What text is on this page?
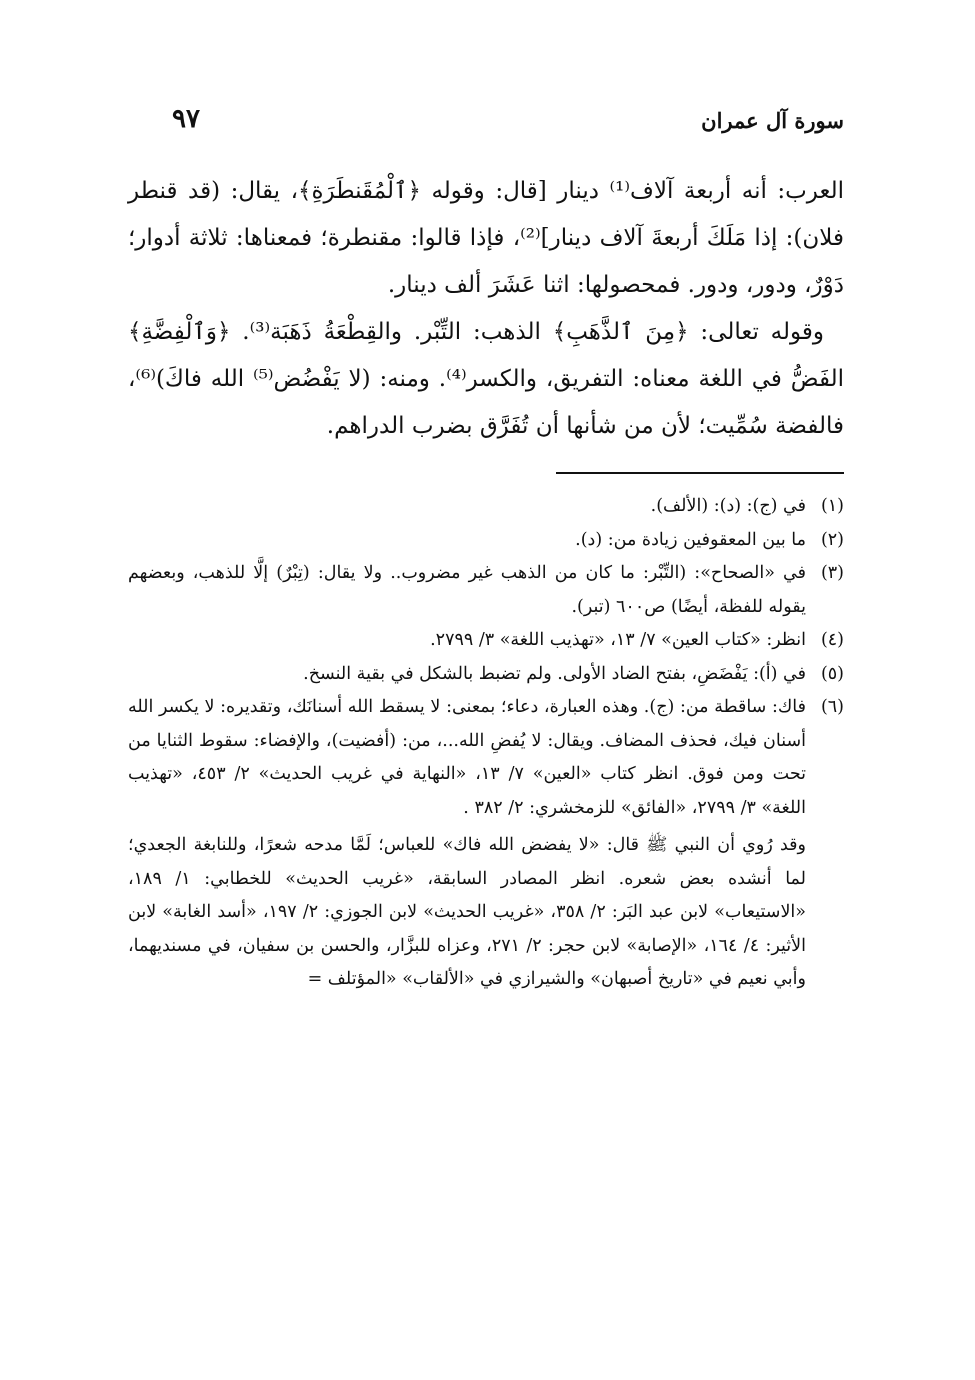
سورة آل عمران
٩٧

العرب: أنه أربعة آلاف⁽¹⁾ دينار [قال: وقوله ﴿ٱلْمُقَنطَرَةِ﴾، يقال: (قد قنطر فلان): إذا مَلَكَ أربعةَ آلاف دينار]⁽²⁾، فإذا قالوا: مقنطرة؛ فمعناها: ثلاثة أدوار؛ دَوْرٌ، ودور، ودور. فمحصولها: اثنا عَشَرَ ألف دينار.

وقوله تعالى: ﴿مِنَ ٱلذَّهَبِ﴾ الذهب: التِّبْر. والقِطْعَةُ ذَهَبَة⁽³⁾. ﴿وَٱلْفِضَّةِ﴾ الفَضُّ في اللغة معناه: التفريق، والكسر⁽⁴⁾. ومنه: (لا يَفْضُض⁽⁵⁾ الله فاكَ)⁽⁶⁾، فالفضة سُمِّيت؛ لأن من شأنها أن تُفَرَّق بضرب الدراهم.

(١)
في (ج): (د): (الألف).
(٢)
ما بين المعقوفين زيادة من: (د).
(٣)
في «الصحاح»: (التِّبْر: ما كان من الذهب غير مضروب.. ولا يقال: (تِبْرٌ) إلَّا للذهب، وبعضهم يقوله للفظة، أيضًا) ص٦٠٠ (تبر).
(٤)
انظر: «كتاب العين» ٧/ ١٣، «تهذيب اللغة» ٣/ ٢٧٩٩.
(٥)
في (أ): يَفْضَضِ، بفتح الضاد الأولى. ولم تضبط بالشكل في بقية النسخ.
(٦)
فاك: ساقطة من: (ج). وهذه العبارة، دعاء؛ بمعنى: لا يسقط الله أسنانَك، وتقديره: لا يكسر الله أسنان فيك، فحذف المضاف. ويقال: لا يُفضِ الله...، من: (أفضيت)، والإفضاء: سقوط الثنايا من تحت ومن فوق. انظر كتاب «العين» ٧/ ١٣، «النهاية في غريب الحديث» ٢/ ٤٥٣، «تهذيب اللغة» ٣/ ٢٧٩٩، «الفائق» للزمخشري: ٢/ ٣٨٢ .
وقد رُوي أن النبي ﷺ قال: «لا يفضض الله فاك» للعباس؛ لَمَّا مدحه شعرًا، وللنابغة الجعدي؛ لما أنشده بعض شعره. انظر المصادر السابقة، «غريب الحديث» للخطابي: ١/ ١٨٩، «الاستيعاب» لابن عبد البَر: ٢/ ٣٥٨، «غريب الحديث» لابن الجوزي: ٢/ ١٩٧، «أسد الغابة» لابن الأثير: ٤/ ١٦٤، «الإصابة» لابن حجر: ٢/ ٢٧١، وعزاه للبزَّار، والحسن بن سفيان، في مسنديهما، وأبي نعيم في «تاريخ أصبهان» والشيرازي في «الألقاب» «المؤتلف =
